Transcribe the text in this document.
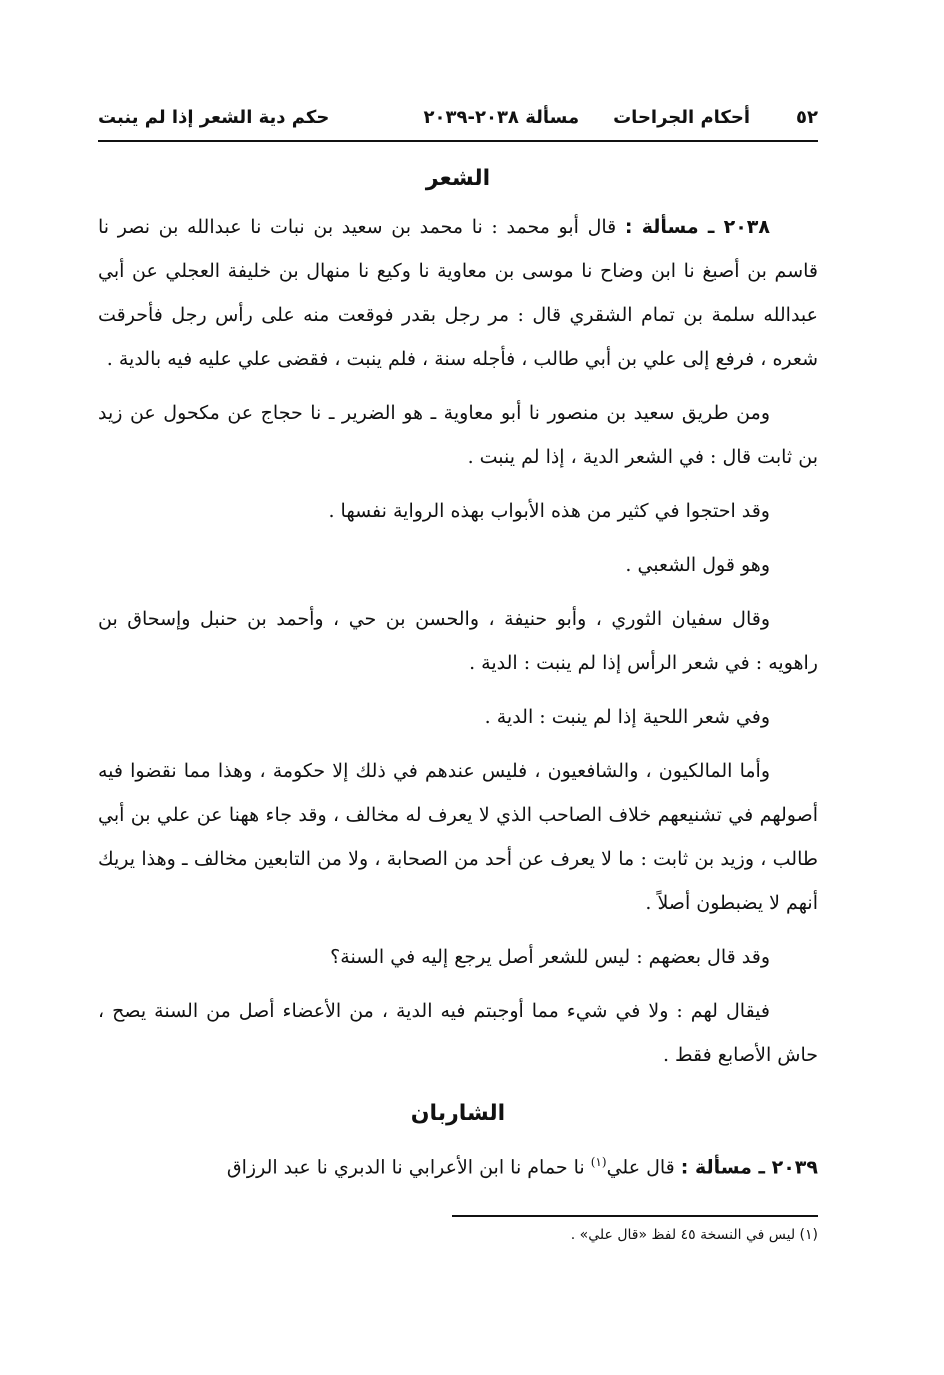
٥٢
أحكام الجراحات
مسألة ٢٠٣٨-٢٠٣٩
حكم دية الشعر إذا لم ينبت
الشعر

٢٠٣٨ ـ مسألة : قال أبو محمد : نا محمد بن سعيد بن نبات نا عبدالله بن نصر نا قاسم بن أصبغ نا ابن وضاح نا موسى بن معاوية نا وكيع نا منهال بن خليفة العجلي عن أبي عبدالله سلمة بن تمام الشقري قال : مر رجل بقدر فوقعت منه على رأس رجل فأحرقت شعره ، فرفع إلى علي بن أبي طالب ، فأجله سنة ، فلم ينبت ، فقضى علي عليه فيه بالدية .

ومن طريق سعيد بن منصور نا أبو معاوية ـ هو الضرير ـ نا حجاج عن مكحول عن زيد بن ثابت قال : في الشعر الدية ، إذا لم ينبت .

وقد احتجوا في كثير من هذه الأبواب بهذه الرواية نفسها .

وهو قول الشعبي .

وقال سفيان الثوري ، وأبو حنيفة ، والحسن بن حي ، وأحمد بن حنبل وإسحاق بن راهويه : في شعر الرأس إذا لم ينبت : الدية .

وفي شعر اللحية إذا لم ينبت : الدية .

وأما المالكيون ، والشافعيون ، فليس عندهم في ذلك إلا حكومة ، وهذا مما نقضوا فيه أصولهم في تشنيعهم خلاف الصاحب الذي لا يعرف له مخالف ، وقد جاء ههنا عن علي بن أبي طالب ، وزيد بن ثابت : ما لا يعرف عن أحد من الصحابة ، ولا من التابعين مخالف ـ وهذا يريك أنهم لا يضبطون أصلاً .

وقد قال بعضهم : ليس للشعر أصل يرجع إليه في السنة؟

فيقال لهم : ولا في شيء مما أوجبتم فيه الدية ، من الأعضاء أصل من السنة يصح ، حاش الأصابع فقط .

الشاربان

٢٠٣٩ ـ مسألة : قال علي$^{(١)}$ نا حمام نا ابن الأعرابي نا الدبري نا عبد الرزاق

(١) ليس في النسخة ٤٥ لفظ «قال علي» .
